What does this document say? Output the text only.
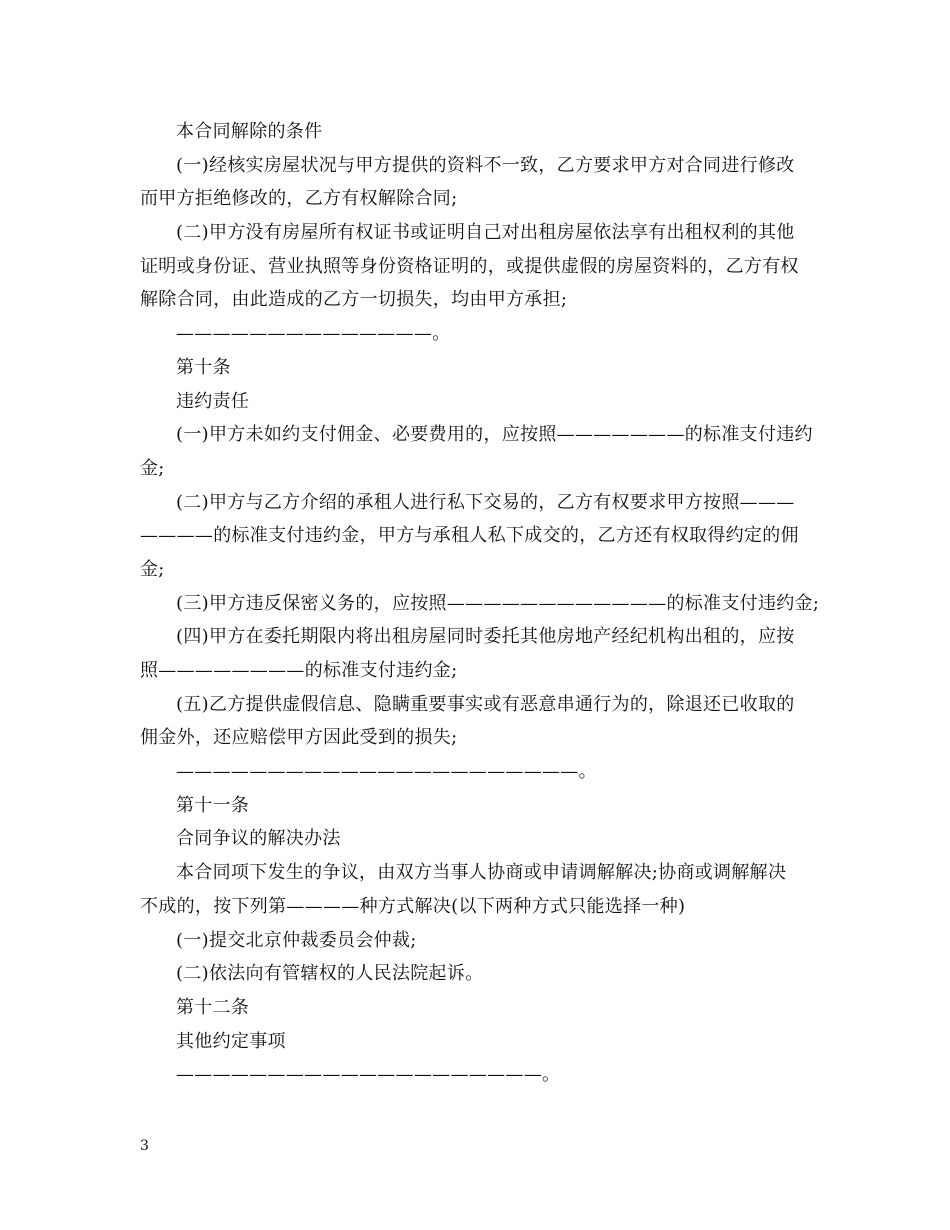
本合同解除的条件
(一)经核实房屋状况与甲方提供的资料不一致，乙方要求甲方对合同进行修改
而甲方拒绝修改的，乙方有权解除合同;
(二)甲方没有房屋所有权证书或证明自己对出租房屋依法享有出租权利的其他
证明或身份证、营业执照等身份资格证明的，或提供虚假的房屋资料的，乙方有权
解除合同，由此造成的乙方一切损失，均由甲方承担;
——————————————。
第十条
违约责任
(一)甲方未如约支付佣金、必要费用的，应按照———————的标准支付违约
金;
(二)甲方与乙方介绍的承租人进行私下交易的，乙方有权要求甲方按照———
————的标准支付违约金，甲方与承租人私下成交的，乙方还有权取得约定的佣
金;
(三)甲方违反保密义务的，应按照————————————的标准支付违约金;
(四)甲方在委托期限内将出租房屋同时委托其他房地产经纪机构出租的，应按
照————————的标准支付违约金;
(五)乙方提供虚假信息、隐瞒重要事实或有恶意串通行为的，除退还已收取的
佣金外，还应赔偿甲方因此受到的损失;
——————————————————————。
第十一条
合同争议的解决办法
本合同项下发生的争议，由双方当事人协商或申请调解解决;协商或调解解决
不成的，按下列第————种方式解决(以下两种方式只能选择一种)
(一)提交北京仲裁委员会仲裁;
(二)依法向有管辖权的人民法院起诉。
第十二条
其他约定事项
————————————————————。
3
